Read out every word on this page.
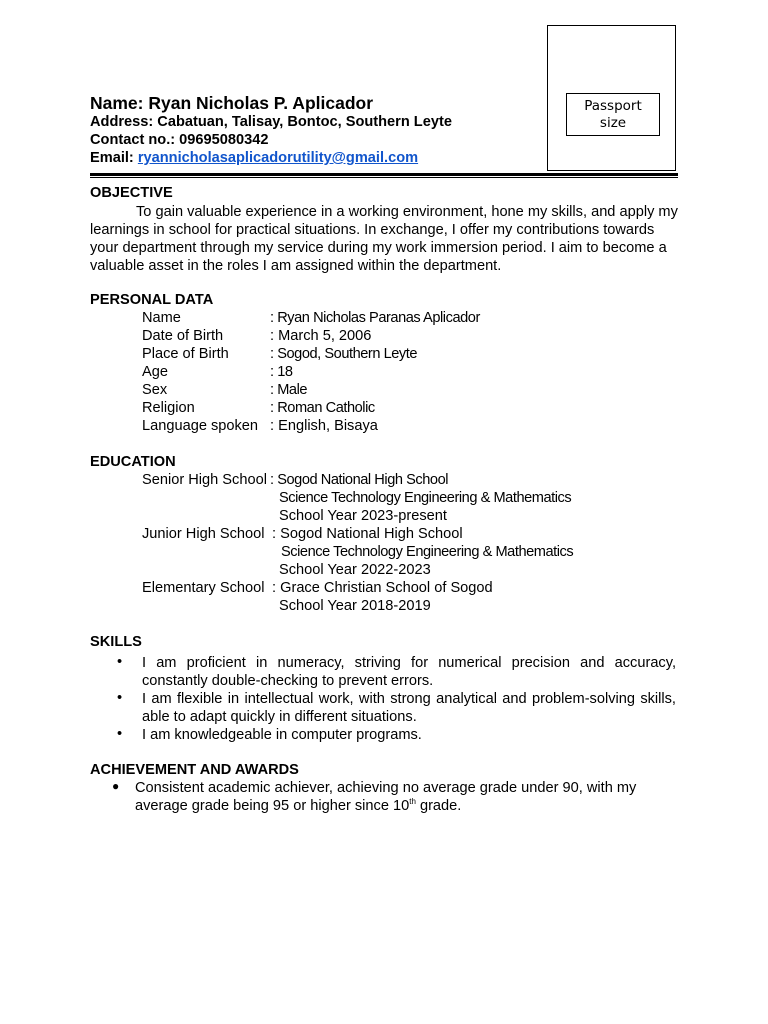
Name: Ryan Nicholas P. Aplicador
Address: Cabatuan, Talisay, Bontoc, Southern Leyte
Contact no.: 09695080342
Email: ryannicholasaplicadorutility@gmail.com
Passport
size
OBJECTIVE
To gain valuable experience in a working environment, hone my skills, and apply my learnings in school for practical situations. In exchange, I offer my contributions towards your department through my service during my work immersion period. I aim to become a valuable asset in the roles I am assigned within the department.
PERSONAL DATA
Name	: Ryan Nicholas Paranas Aplicador
Date of Birth	: March 5, 2006
Place of Birth	: Sogod, Southern Leyte
Age	: 18
Sex	: Male
Religion	: Roman Catholic
Language spoken : English, Bisaya
EDUCATION
Senior High School : Sogod National High School
Science Technology Engineering & Mathematics
School Year 2023-present
Junior High School : Sogod National High School
Science Technology Engineering & Mathematics
School Year 2022-2023
Elementary School : Grace Christian School of Sogod
School Year 2018-2019
SKILLS
• I am proficient in numeracy, striving for numerical precision and accuracy, constantly double-checking to prevent errors.
• I am flexible in intellectual work, with strong analytical and problem-solving skills, able to adapt quickly in different situations.
• I am knowledgeable in computer programs.
ACHIEVEMENT AND AWARDS
● Consistent academic achiever, achieving no average grade under 90, with my average grade being 95 or higher since 10th grade.
